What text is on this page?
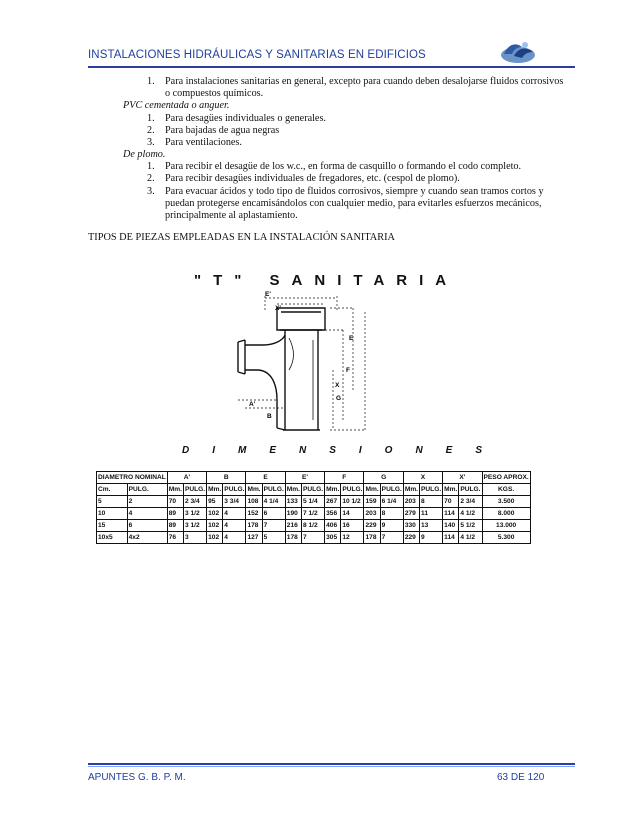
INSTALACIONES HIDRÁULICAS Y SANITARIAS EN EDIFICIOS
1. Para instalaciones sanitarias en general, excepto para cuando deben desalojarse fluidos corrosivos
o compuestos químicos.
PVC cementada o anguer.
1. Para desagües individuales o generales.
2. Para bajadas de agua negras
3. Para ventilaciones.
De plomo.
1. Para recibir el desagüe de los w.c., en forma de casquillo o formando el codo completo.
2. Para recibir desagües individuales de fregadores, etc. (cespol de plomo).
3. Para evacuar ácidos y todo tipo de fluidos corrosivos, siempre y cuando sean tramos cortos y
puedan protegerse encamisándolos con cualquier medio, para evitarles esfuerzos mecánicos,
principalmente al aplastamiento.
TIPOS DE PIEZAS EMPLEADAS EN LA INSTALACIÓN SANITARIA
"T" SANITARIA
E'
X'
E
F
X
G
A'
B
DIMENSIONES
DIAMETRO NOMINAL		A'		B		E		E'		F		G		X		X'		PESO APROX.
Cm.	PULG.	Mm.	PULG.	Mm.	PULG.	Mm.	PULG.	Mm.	PULG.	Mm.	PULG.	Mm.	PULG.	Mm.	PULG.	Mm.	PULG.	KGS.
5	2	70	2 3/4	95	3 3/4	108	4 1/4	133	5 1/4	267	10 1/2	159	6 1/4	203	8	70	2 3/4	3.500
10	4	89	3 1/2	102	4	152	6	190	7 1/2	356	14	203	8	279	11	114	4 1/2	8.000
15	6	89	3 1/2	102	4	178	7	216	8 1/2	406	16	229	9	330	13	140	5 1/2	13.000
10x5	4x2	76	3	102	4	127	5	178	7	305	12	178	7	229	9	114	4 1/2	5.300
APUNTES G. B. P. M.	63 DE 120
